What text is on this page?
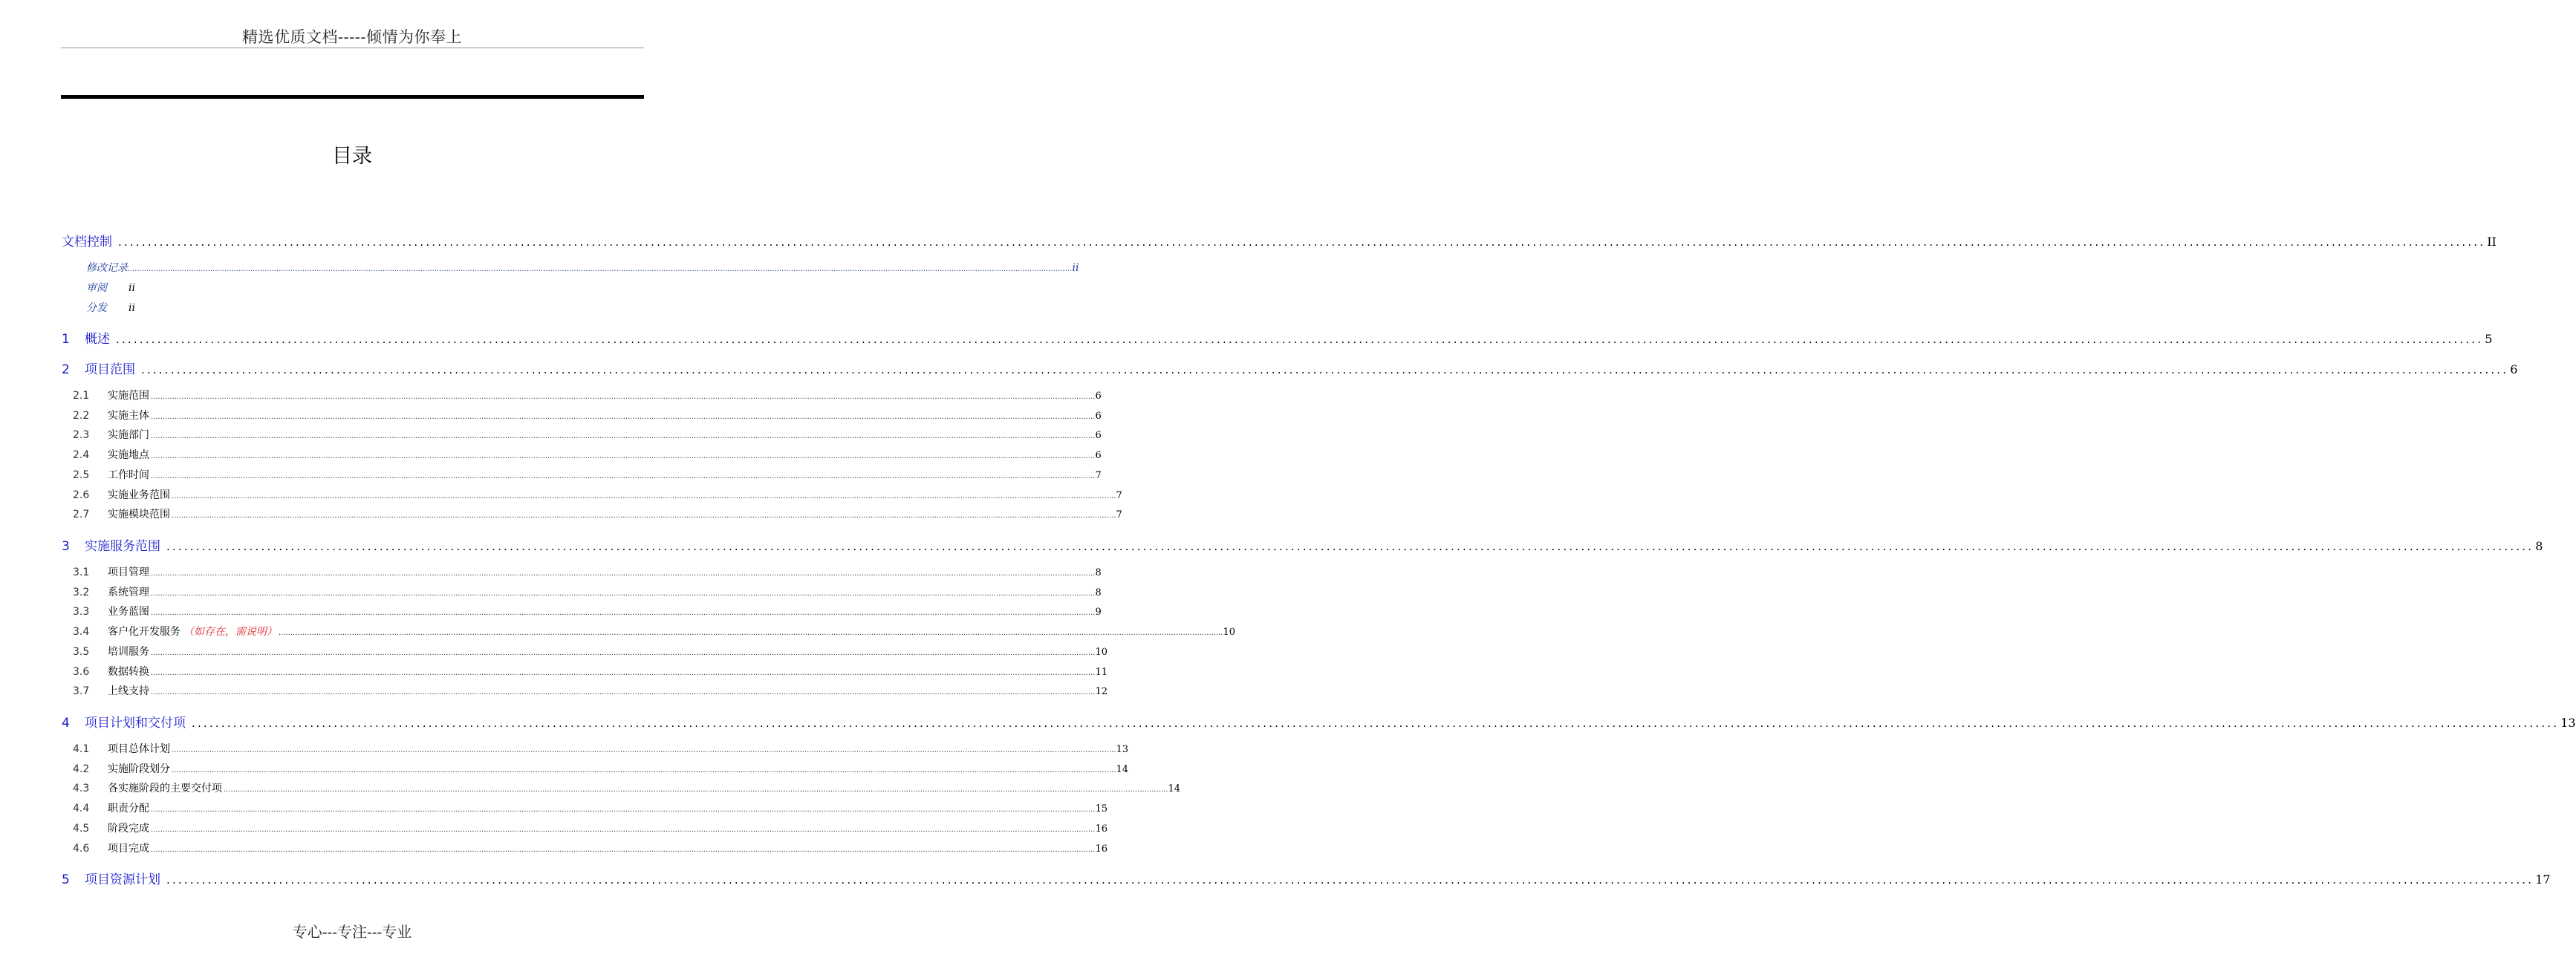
精选优质文档-----倾情为你奉上
目录
文档控制 ................................................................................................................................................................................................................................................................................................................................................................................................................ II
修改记录 ................................................................................................................................................................................................................................................................................................................................................................................................................ ii
审阅 ii
分发 ii
1	概述 ................................................................................................................................................................................................................................................................................................................................................................................................................ 5
2	项目范围 ................................................................................................................................................................................................................................................................................................................................................................................................................ 6
2.1	实施范围 ................................................................................................................................................................................................................................................................................................................................................................................................................ 6
2.2	实施主体 ................................................................................................................................................................................................................................................................................................................................................................................................................ 6
2.3	实施部门 ................................................................................................................................................................................................................................................................................................................................................................................................................ 6
2.4	实施地点 ................................................................................................................................................................................................................................................................................................................................................................................................................ 6
2.5	工作时间 ................................................................................................................................................................................................................................................................................................................................................................................................................ 7
2.6	实施业务范围 ................................................................................................................................................................................................................................................................................................................................................................................................................ 7
2.7	实施模块范围 ................................................................................................................................................................................................................................................................................................................................................................................................................ 7
3	实施服务范围 ................................................................................................................................................................................................................................................................................................................................................................................................................ 8
3.1	项目管理 ................................................................................................................................................................................................................................................................................................................................................................................................................ 8
3.2	系统管理 ................................................................................................................................................................................................................................................................................................................................................................................................................ 8
3.3	业务蓝图 ................................................................................................................................................................................................................................................................................................................................................................................................................ 9
3.4	客户化开发服务 （如存在，需说明） ................................................................................................................................................................................................................................................................................................................................................................................................................ 10
3.5	培训服务 ................................................................................................................................................................................................................................................................................................................................................................................................................ 10
3.6	数据转换 ................................................................................................................................................................................................................................................................................................................................................................................................................ 11
3.7	上线支持 ................................................................................................................................................................................................................................................................................................................................................................................................................ 12
4	项目计划和交付项 ................................................................................................................................................................................................................................................................................................................................................................................................................ 13
4.1	项目总体计划 ................................................................................................................................................................................................................................................................................................................................................................................................................ 13
4.2	实施阶段划分 ................................................................................................................................................................................................................................................................................................................................................................................................................ 14
4.3	各实施阶段的主要交付项 ................................................................................................................................................................................................................................................................................................................................................................................................................ 14
4.4	职责分配 ................................................................................................................................................................................................................................................................................................................................................................................................................ 15
4.5	阶段完成 ................................................................................................................................................................................................................................................................................................................................................................................................................ 16
4.6	项目完成 ................................................................................................................................................................................................................................................................................................................................................................................................................ 16
5	项目资源计划 ................................................................................................................................................................................................................................................................................................................................................................................................................ 17
专心---专注---专业
